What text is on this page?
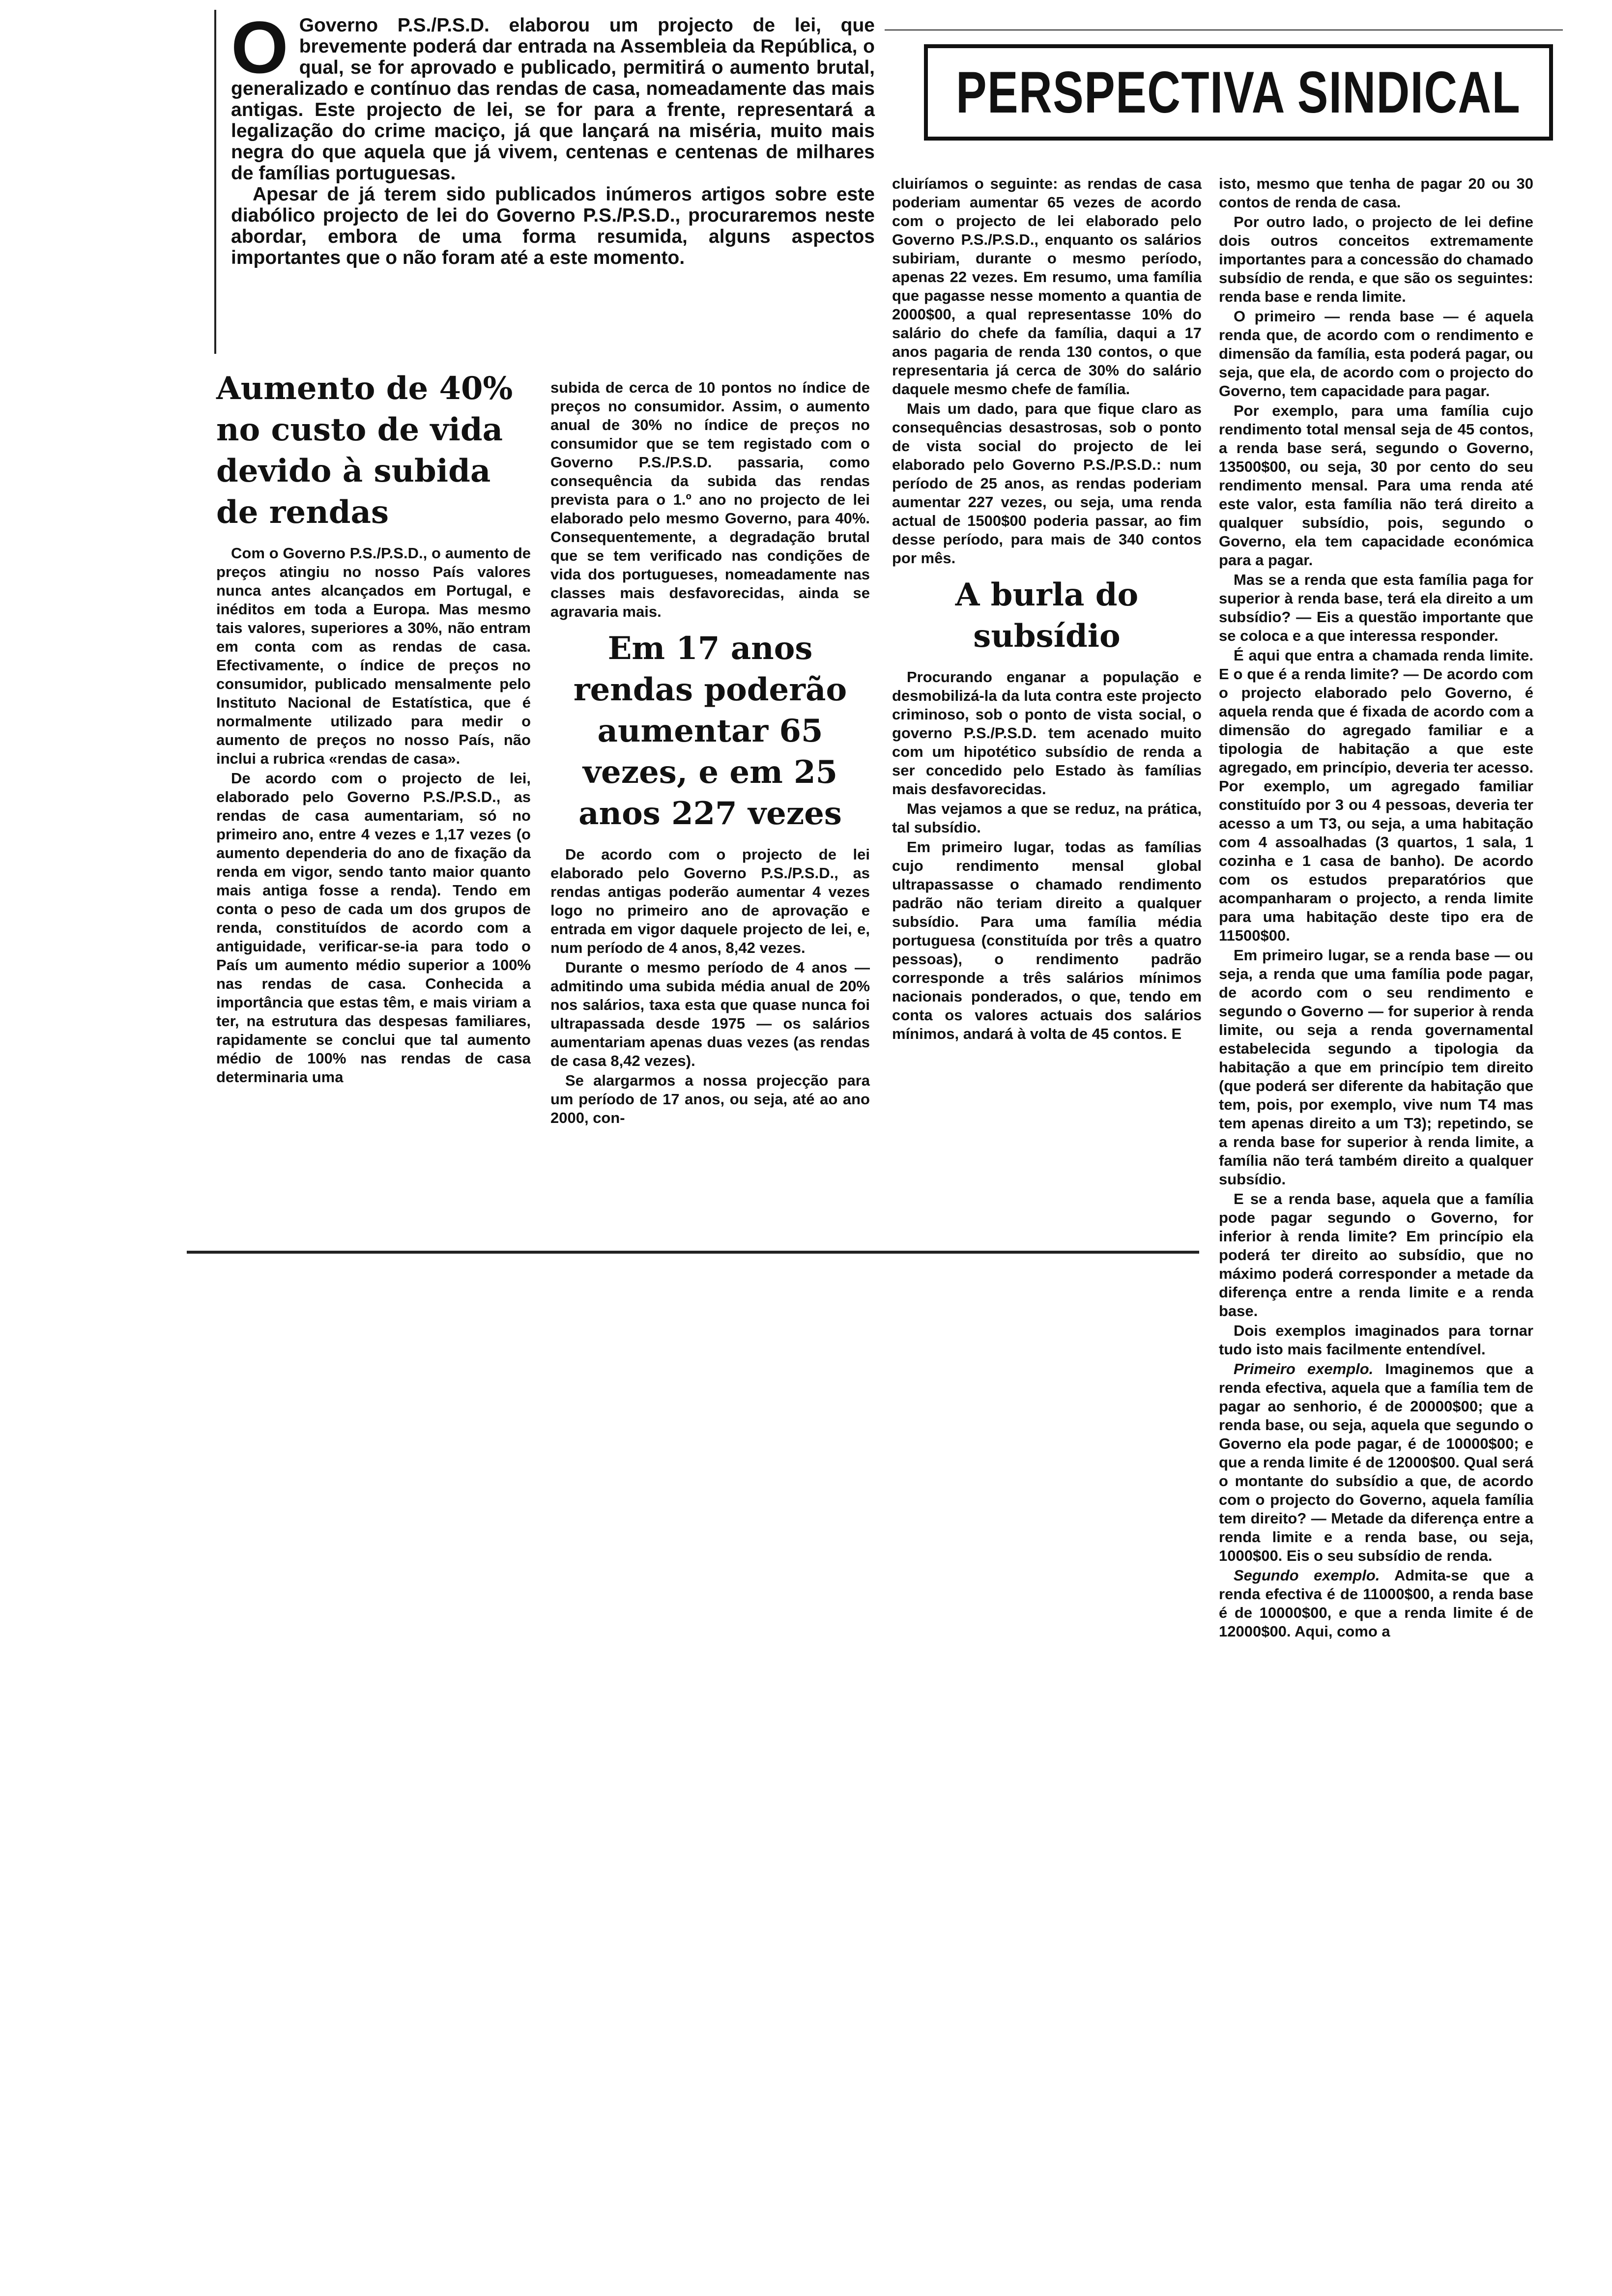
O Governo P.S./P.S.D. elaborou um projecto de lei, que brevemente poderá dar entrada na Assembleia da República, o qual, se for aprovado e publicado, permitirá o aumento brutal, generalizado e contínuo das rendas de casa, nomeadamente das mais antigas. Este projecto de lei, se for para a frente, representará a legalização do crime maciço, já que lançará na miséria, muito mais negra do que aquela que já vivem, centenas e centenas de milhares de famílias portuguesas.

Apesar de já terem sido publicados inúmeros artigos sobre este diabólico projecto de lei do Governo P.S./P.S.D., procuraremos neste abordar, embora de uma forma resumida, alguns aspectos importantes que o não foram até a este momento.

PERSPECTIVA SINDICAL
Aumento de 40% no custo de vida devido à subida de rendas

Com o Governo P.S./P.S.D., o aumento de preços atingiu no nosso País valores nunca antes alcançados em Portugal, e inéditos em toda a Europa. Mas mesmo tais valores, superiores a 30%, não entram em conta com as rendas de casa. Efectivamente, o índice de preços no consumidor, publicado mensalmente pelo Instituto Nacional de Estatística, que é normalmente utilizado para medir o aumento de preços no nosso País, não inclui a rubrica «rendas de casa».

De acordo com o projecto de lei, elaborado pelo Governo P.S./P.S.D., as rendas de casa aumentariam, só no primeiro ano, entre 4 vezes e 1,17 vezes (o aumento dependeria do ano de fixação da renda em vigor, sendo tanto maior quanto mais antiga fosse a renda). Tendo em conta o peso de cada um dos grupos de renda, constituídos de acordo com a antiguidade, verificar-se-ia para todo o País um aumento médio superior a 100% nas rendas de casa. Conhecida a importância que estas têm, e mais viriam a ter, na estrutura das despesas familiares, rapidamente se conclui que tal aumento médio de 100% nas rendas de casa determinaria uma

subida de cerca de 10 pontos no índice de preços no consumidor. Assim, o aumento anual de 30% no índice de preços no consumidor que se tem registado com o Governo P.S./P.S.D. passaria, como consequência da subida das rendas prevista para o 1.º ano no projecto de lei elaborado pelo mesmo Governo, para 40%. Consequentemente, a degradação brutal que se tem verificado nas condições de vida dos portugueses, nomeadamente nas classes mais desfavorecidas, ainda se agravaria mais.

Em 17 anos rendas poderão aumentar 65 vezes, e em 25 anos 227 vezes

De acordo com o projecto de lei elaborado pelo Governo P.S./P.S.D., as rendas antigas poderão aumentar 4 vezes logo no primeiro ano de aprovação e entrada em vigor daquele projecto de lei, e, num período de 4 anos, 8,42 vezes.

Durante o mesmo período de 4 anos — admitindo uma subida média anual de 20% nos salários, taxa esta que quase nunca foi ultrapassada desde 1975 — os salários aumentariam apenas duas vezes (as rendas de casa 8,42 vezes).

Se alargarmos a nossa projecção para um período de 17 anos, ou seja, até ao ano 2000, con-

cluiríamos o seguinte: as rendas de casa poderiam aumentar 65 vezes de acordo com o projecto de lei elaborado pelo Governo P.S./P.S.D., enquanto os salários subiriam, durante o mesmo período, apenas 22 vezes. Em resumo, uma família que pagasse nesse momento a quantia de 2000$00, a qual representasse 10% do salário do chefe da família, daqui a 17 anos pagaria de renda 130 contos, o que representaria já cerca de 30% do salário daquele mesmo chefe de família.

Mais um dado, para que fique claro as consequências desastrosas, sob o ponto de vista social do projecto de lei elaborado pelo Governo P.S./P.S.D.: num período de 25 anos, as rendas poderiam aumentar 227 vezes, ou seja, uma renda actual de 1500$00 poderia passar, ao fim desse período, para mais de 340 contos por mês.

A burla do subsídio

Procurando enganar a população e desmobilizá-la da luta contra este projecto criminoso, sob o ponto de vista social, o governo P.S./P.S.D. tem acenado muito com um hipotético subsídio de renda a ser concedido pelo Estado às famílias mais desfavorecidas.

Mas vejamos a que se reduz, na prática, tal subsídio.

Em primeiro lugar, todas as famílias cujo rendimento mensal global ultrapassasse o chamado rendimento padrão não teriam direito a qualquer subsídio. Para uma família média portuguesa (constituída por três a quatro pessoas), o rendimento padrão corresponde a três salários mínimos nacionais ponderados, o que, tendo em conta os valores actuais dos salários mínimos, andará à volta de 45 contos. E

isto, mesmo que tenha de pagar 20 ou 30 contos de renda de casa.

Por outro lado, o projecto de lei define dois outros conceitos extremamente importantes para a concessão do chamado subsídio de renda, e que são os seguintes: renda base e renda limite.

O primeiro — renda base — é aquela renda que, de acordo com o rendimento e dimensão da família, esta poderá pagar, ou seja, que ela, de acordo com o projecto do Governo, tem capacidade para pagar.

Por exemplo, para uma família cujo rendimento total mensal seja de 45 contos, a renda base será, segundo o Governo, 13500$00, ou seja, 30 por cento do seu rendimento mensal. Para uma renda até este valor, esta família não terá direito a qualquer subsídio, pois, segundo o Governo, ela tem capacidade económica para a pagar.

Mas se a renda que esta família paga for superior à renda base, terá ela direito a um subsídio? — Eis a questão importante que se coloca e a que interessa responder.

É aqui que entra a chamada renda limite. E o que é a renda limite? — De acordo com o projecto elaborado pelo Governo, é aquela renda que é fixada de acordo com a dimensão do agregado familiar e a tipologia de habitação a que este agregado, em princípio, deveria ter acesso. Por exemplo, um agregado familiar constituído por 3 ou 4 pessoas, deveria ter acesso a um T3, ou seja, a uma habitação com 4 assoalhadas (3 quartos, 1 sala, 1 cozinha e 1 casa de banho). De acordo com os estudos preparatórios que acompanharam o projecto, a renda limite para uma habitação deste tipo era de 11500$00.

Em primeiro lugar, se a renda base — ou seja, a renda que uma família pode pagar, de acordo com o seu rendimento e segundo o Governo — for superior à renda limite, ou seja a renda governamental estabelecida segundo a tipologia da habitação a que em princípio tem direito (que poderá ser diferente da habitação que tem, pois, por exemplo, vive num T4 mas tem apenas direito a um T3); repetindo, se a renda base for superior à renda limite, a família não terá também direito a qualquer subsídio.

E se a renda base, aquela que a família pode pagar segundo o Governo, for inferior à renda limite? Em princípio ela poderá ter direito ao subsídio, que no máximo poderá corresponder a metade da diferença entre a renda limite e a renda base.

Dois exemplos imaginados para tornar tudo isto mais facilmente entendível.

Primeiro exemplo. Imaginemos que a renda efectiva, aquela que a família tem de pagar ao senhorio, é de 20000$00; que a renda base, ou seja, aquela que segundo o Governo ela pode pagar, é de 10000$00; e que a renda limite é de 12000$00. Qual será o montante do subsídio a que, de acordo com o projecto do Governo, aquela família tem direito? — Metade da diferença entre a renda limite e a renda base, ou seja, 1000$00. Eis o seu subsídio de renda.

Segundo exemplo. Admita-se que a renda efectiva é de 11000$00, a renda base é de 10000$00, e que a renda limite é de 12000$00. Aqui, como a
